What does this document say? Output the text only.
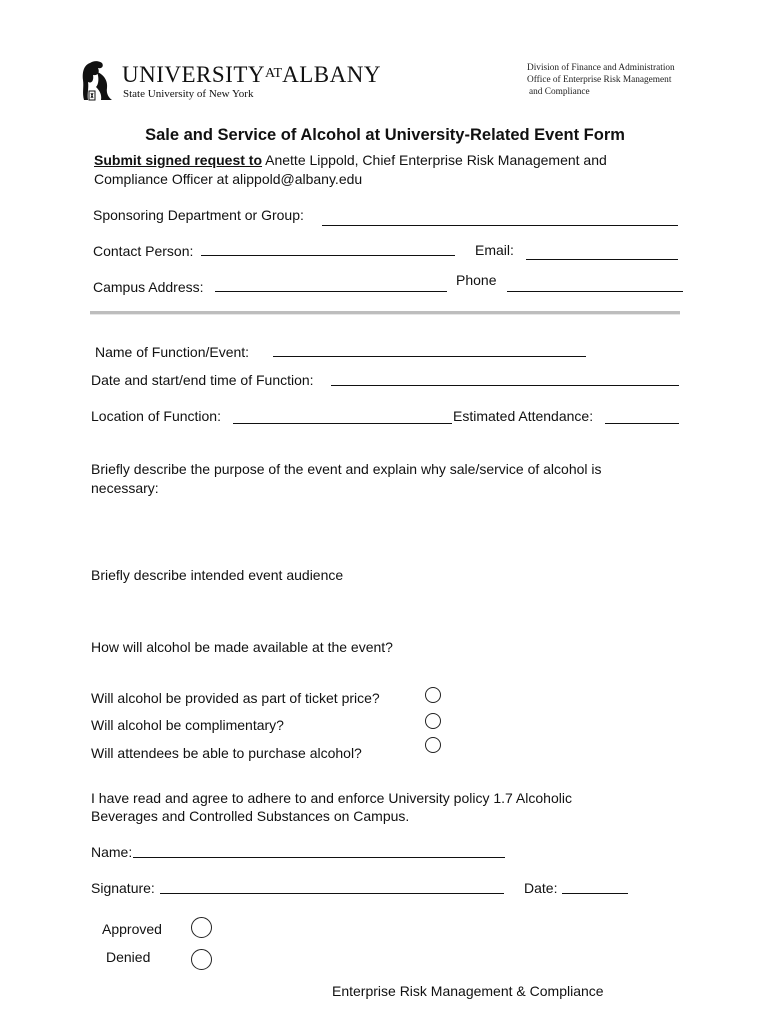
$UNIVERSITY^{AT}ALBANY$
State University of New York
Division of Finance and Administration
Office of Enterprise Risk Management
and Compliance
Sale and Service of Alcohol at University-Related Event Form
Submit signed request to Anette Lippold, Chief Enterprise Risk Management and
Compliance Officer at alippold@albany.edu
Sponsoring Department or Group:
Contact Person:	Email:
Campus Address:	Phone
Name of Function/Event:
Date and start/end time of Function:
Location of Function:	Estimated Attendance:
Briefly describe the purpose of the event and explain why sale/service of alcohol is
necessary:
Briefly describe intended event audience
How will alcohol be made available at the event?
Will alcohol be provided as part of ticket price?
Will alcohol be complimentary?
Will attendees be able to purchase alcohol?
I have read and agree to adhere to and enforce University policy 1.7 Alcoholic
Beverages and Controlled Substances on Campus.
Name:
Signature:	Date:
Approved
Denied
Enterprise Risk Management & Compliance
